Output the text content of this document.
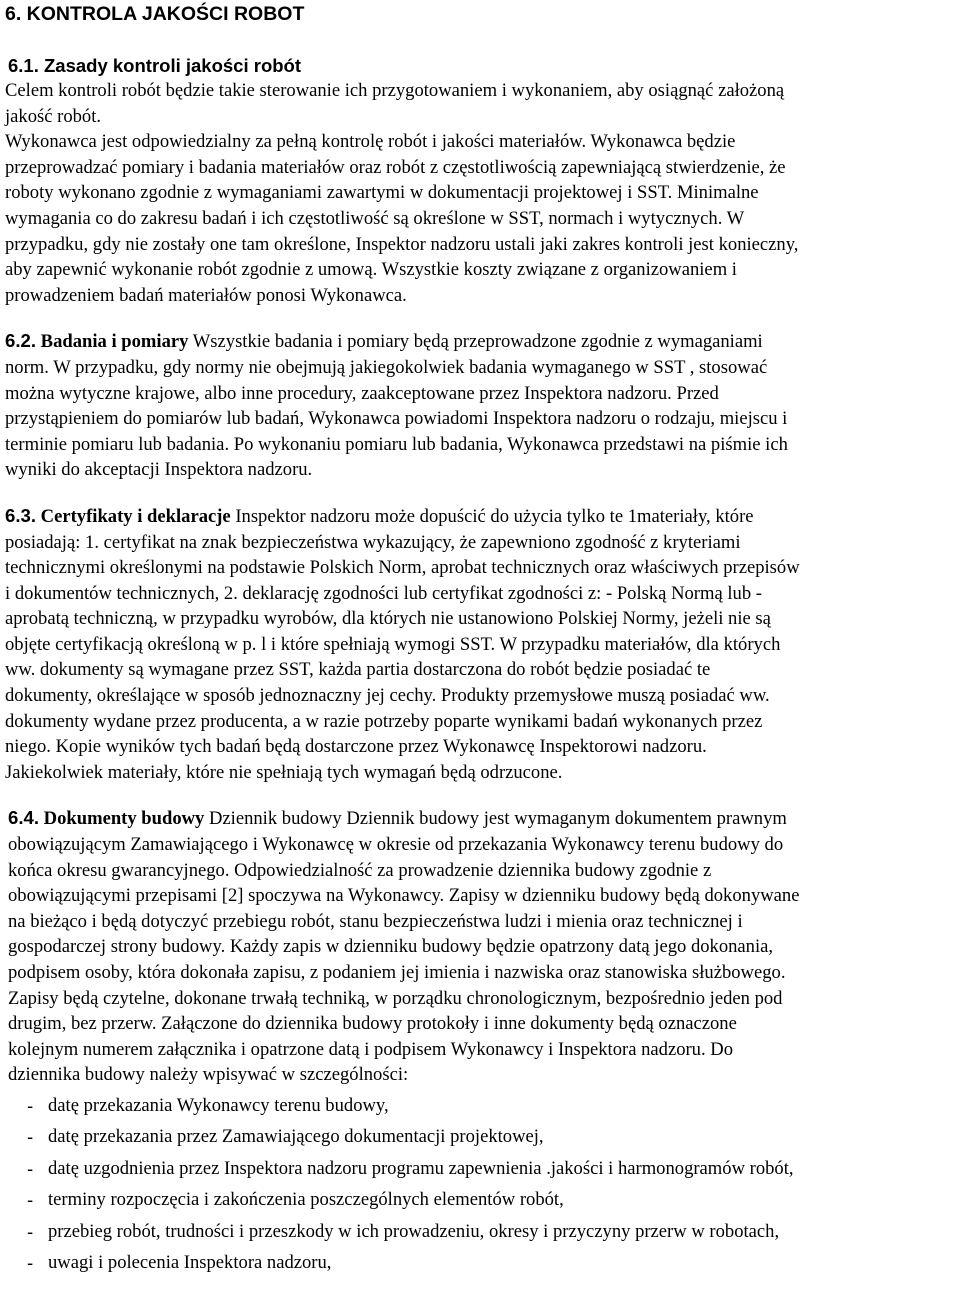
6. KONTROLA JAKOŚCI ROBOT
6.1. Zasady kontroli jakości robót
Celem kontroli robót będzie takie sterowanie ich przygotowaniem i wykonaniem, aby osiągnąć założoną
jakość robót.
Wykonawca jest odpowiedzialny za pełną kontrolę robót i jakości materiałów. Wykonawca będzie
przeprowadzać pomiary i badania materiałów oraz robót z częstotliwością zapewniającą stwierdzenie, że
roboty wykonano zgodnie z wymaganiami zawartymi w dokumentacji projektowej i SST. Minimalne
wymagania co do zakresu badań i ich częstotliwość są określone w SST, normach i wytycznych. W
przypadku, gdy nie zostały one tam określone, Inspektor nadzoru ustali jaki zakres kontroli jest konieczny,
aby zapewnić wykonanie robót zgodnie z umową. Wszystkie koszty związane z organizowaniem i
prowadzeniem badań materiałów ponosi Wykonawca.

6.2. Badania i pomiary Wszystkie badania i pomiary będą przeprowadzone zgodnie z wymaganiami
norm. W przypadku, gdy normy nie obejmują jakiegokolwiek badania wymaganego w SST , stosować
można wytyczne krajowe, albo inne procedury, zaakceptowane przez Inspektora nadzoru. Przed
przystąpieniem do pomiarów lub badań, Wykonawca powiadomi Inspektora nadzoru o rodzaju, miejscu i
terminie pomiaru lub badania. Po wykonaniu pomiaru lub badania, Wykonawca przedstawi na piśmie ich
wyniki do akceptacji Inspektora nadzoru.

6.3. Certyfikaty i deklaracje Inspektor nadzoru może dopuścić do użycia tylko te 1materiały, które
posiadają: 1. certyfikat na znak bezpieczeństwa wykazujący, że zapewniono zgodność z kryteriami
technicznymi określonymi na podstawie Polskich Norm, aprobat technicznych oraz właściwych przepisów
i dokumentów technicznych, 2. deklarację zgodności lub certyfikat zgodności z: - Polską Normą lub -
aprobatą techniczną, w przypadku wyrobów, dla których nie ustanowiono Polskiej Normy, jeżeli nie są
objęte certyfikacją określoną w p. l i które spełniają wymogi SST. W przypadku materiałów, dla których
ww. dokumenty są wymagane przez SST, każda partia dostarczona do robót będzie posiadać te
dokumenty, określające w sposób jednoznaczny jej cechy. Produkty przemysłowe muszą posiadać ww.
dokumenty wydane przez producenta, a w razie potrzeby poparte wynikami badań wykonanych przez
niego. Kopie wyników tych badań będą dostarczone przez Wykonawcę Inspektorowi nadzoru.
Jakiekolwiek materiały, które nie spełniają tych wymagań będą odrzucone.

6.4. Dokumenty budowy Dziennik budowy Dziennik budowy jest wymaganym dokumentem prawnym
obowiązującym Zamawiającego i Wykonawcę w okresie od przekazania Wykonawcy terenu budowy do
końca okresu gwarancyjnego. Odpowiedzialność za prowadzenie dziennika budowy zgodnie z
obowiązującymi przepisami [2] spoczywa na Wykonawcy. Zapisy w dzienniku budowy będą dokonywane
na bieżąco i będą dotyczyć przebiegu robót, stanu bezpieczeństwa ludzi i mienia oraz technicznej i
gospodarczej strony budowy. Każdy zapis w dzienniku budowy będzie opatrzony datą jego dokonania,
podpisem osoby, która dokonała zapisu, z podaniem jej imienia i nazwiska oraz stanowiska służbowego.
Zapisy będą czytelne, dokonane trwałą techniką, w porządku chronologicznym, bezpośrednio jeden pod
drugim, bez przerw. Załączone do dziennika budowy protokoły i inne dokumenty będą oznaczone
kolejnym numerem załącznika i opatrzone datą i podpisem Wykonawcy i Inspektora nadzoru. Do
dziennika budowy należy wpisywać w szczególności:

- datę przekazania Wykonawcy terenu budowy,
- datę przekazania przez Zamawiającego dokumentacji projektowej,
- datę uzgodnienia przez Inspektora nadzoru programu zapewnienia .jakości i harmonogramów robót,
- terminy rozpoczęcia i zakończenia poszczególnych elementów robót,
- przebieg robót, trudności i przeszkody w ich prowadzeniu, okresy i przyczyny przerw w robotach,
- uwagi i polecenia Inspektora nadzoru,
